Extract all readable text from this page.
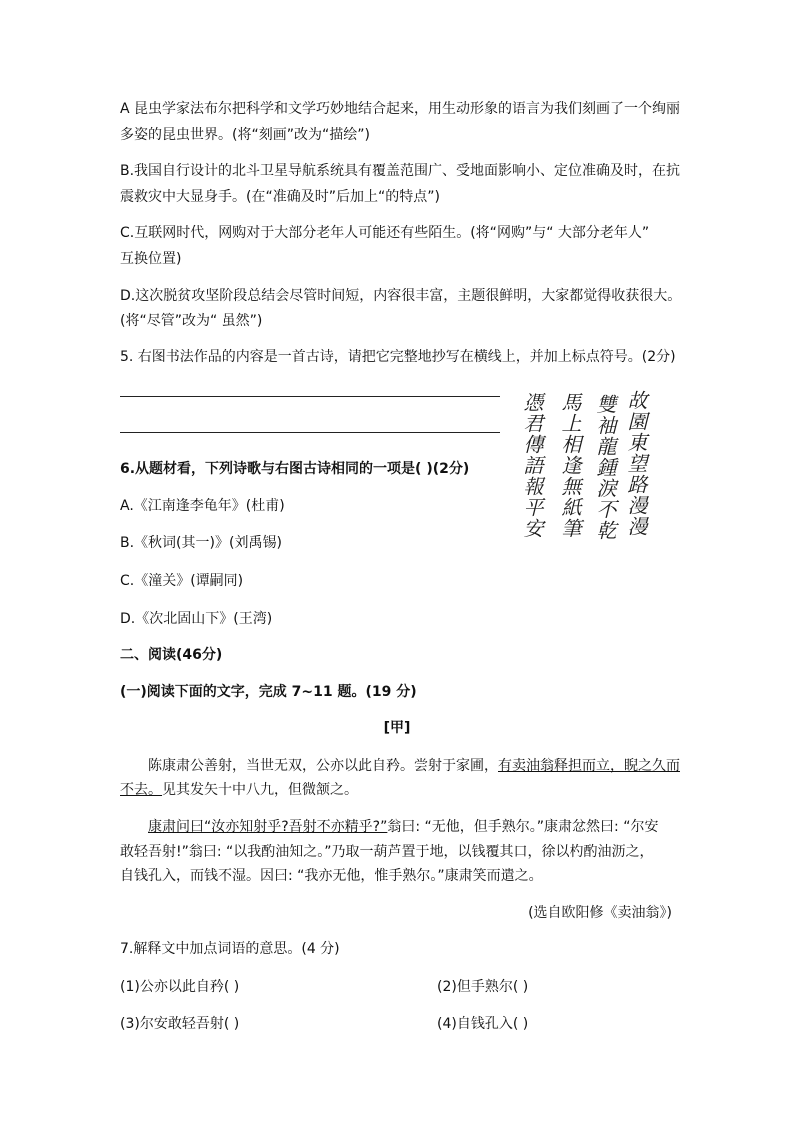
A 昆虫学家法布尔把科学和文学巧妙地结合起来，用生动形象的语言为我们刻画了一个绚丽
多姿的昆虫世界。(将“刻画”改为“描绘”)
B.我国自行设计的北斗卫星导航系统具有覆盖范围广、受地面影响小、定位准确及时，在抗
震救灾中大显身手。(在“准确及时”后加上“的特点”)
C.互联网时代，网购对于大部分老年人可能还有些陌生。(将“网购”与“ 大部分老年人”
互换位置)
D.这次脱贫攻坚阶段总结会尽管时间短，内容很丰富，主题很鲜明，大家都觉得收获很大。
(将“尽管”改为“ 虽然”)
5. 右图书法作品的内容是一首古诗，请把它完整地抄写在横线上，并加上标点符号。(2分)
故園東望路漫漫
雙袖龍鍾淚不乾
馬上相逢無紙筆
憑君傳語報平安
6.从题材看，下列诗歌与右图古诗相同的一项是( )(2分)
A.《江南逢李龟年》(杜甫)
B.《秋词(其一)》(刘禹锡)
C.《潼关》(谭嗣同)
D.《次北固山下》(王湾)
二、阅读(46分)
(一)阅读下面的文字，完成 7~11 题。(19 分)
[甲]
陈康肃公善射，当世无双，公亦以此自矜。尝射于家圃，有卖油翁释担而立，睨之久而
不去。见其发矢十中八九，但微颔之。
康肃问曰“汝亦知射乎?吾射不亦精乎?”翁曰: “无他，但手熟尔。”康肃忿然曰: “尔安
敢轻吾射!”翁曰: “以我酌油知之。”乃取一葫芦置于地，以钱覆其口，徐以杓酌油沥之，
自钱孔入，而钱不湿。因曰: “我亦无他，惟手熟尔。”康肃笑而遣之。
(选自欧阳修《卖油翁》)
7.解释文中加点词语的意思。(4 分)
(1)公亦以此自矜( )	(2)但手熟尔( )
(3)尔安敢轻吾射( )	(4)自钱孔入( )
